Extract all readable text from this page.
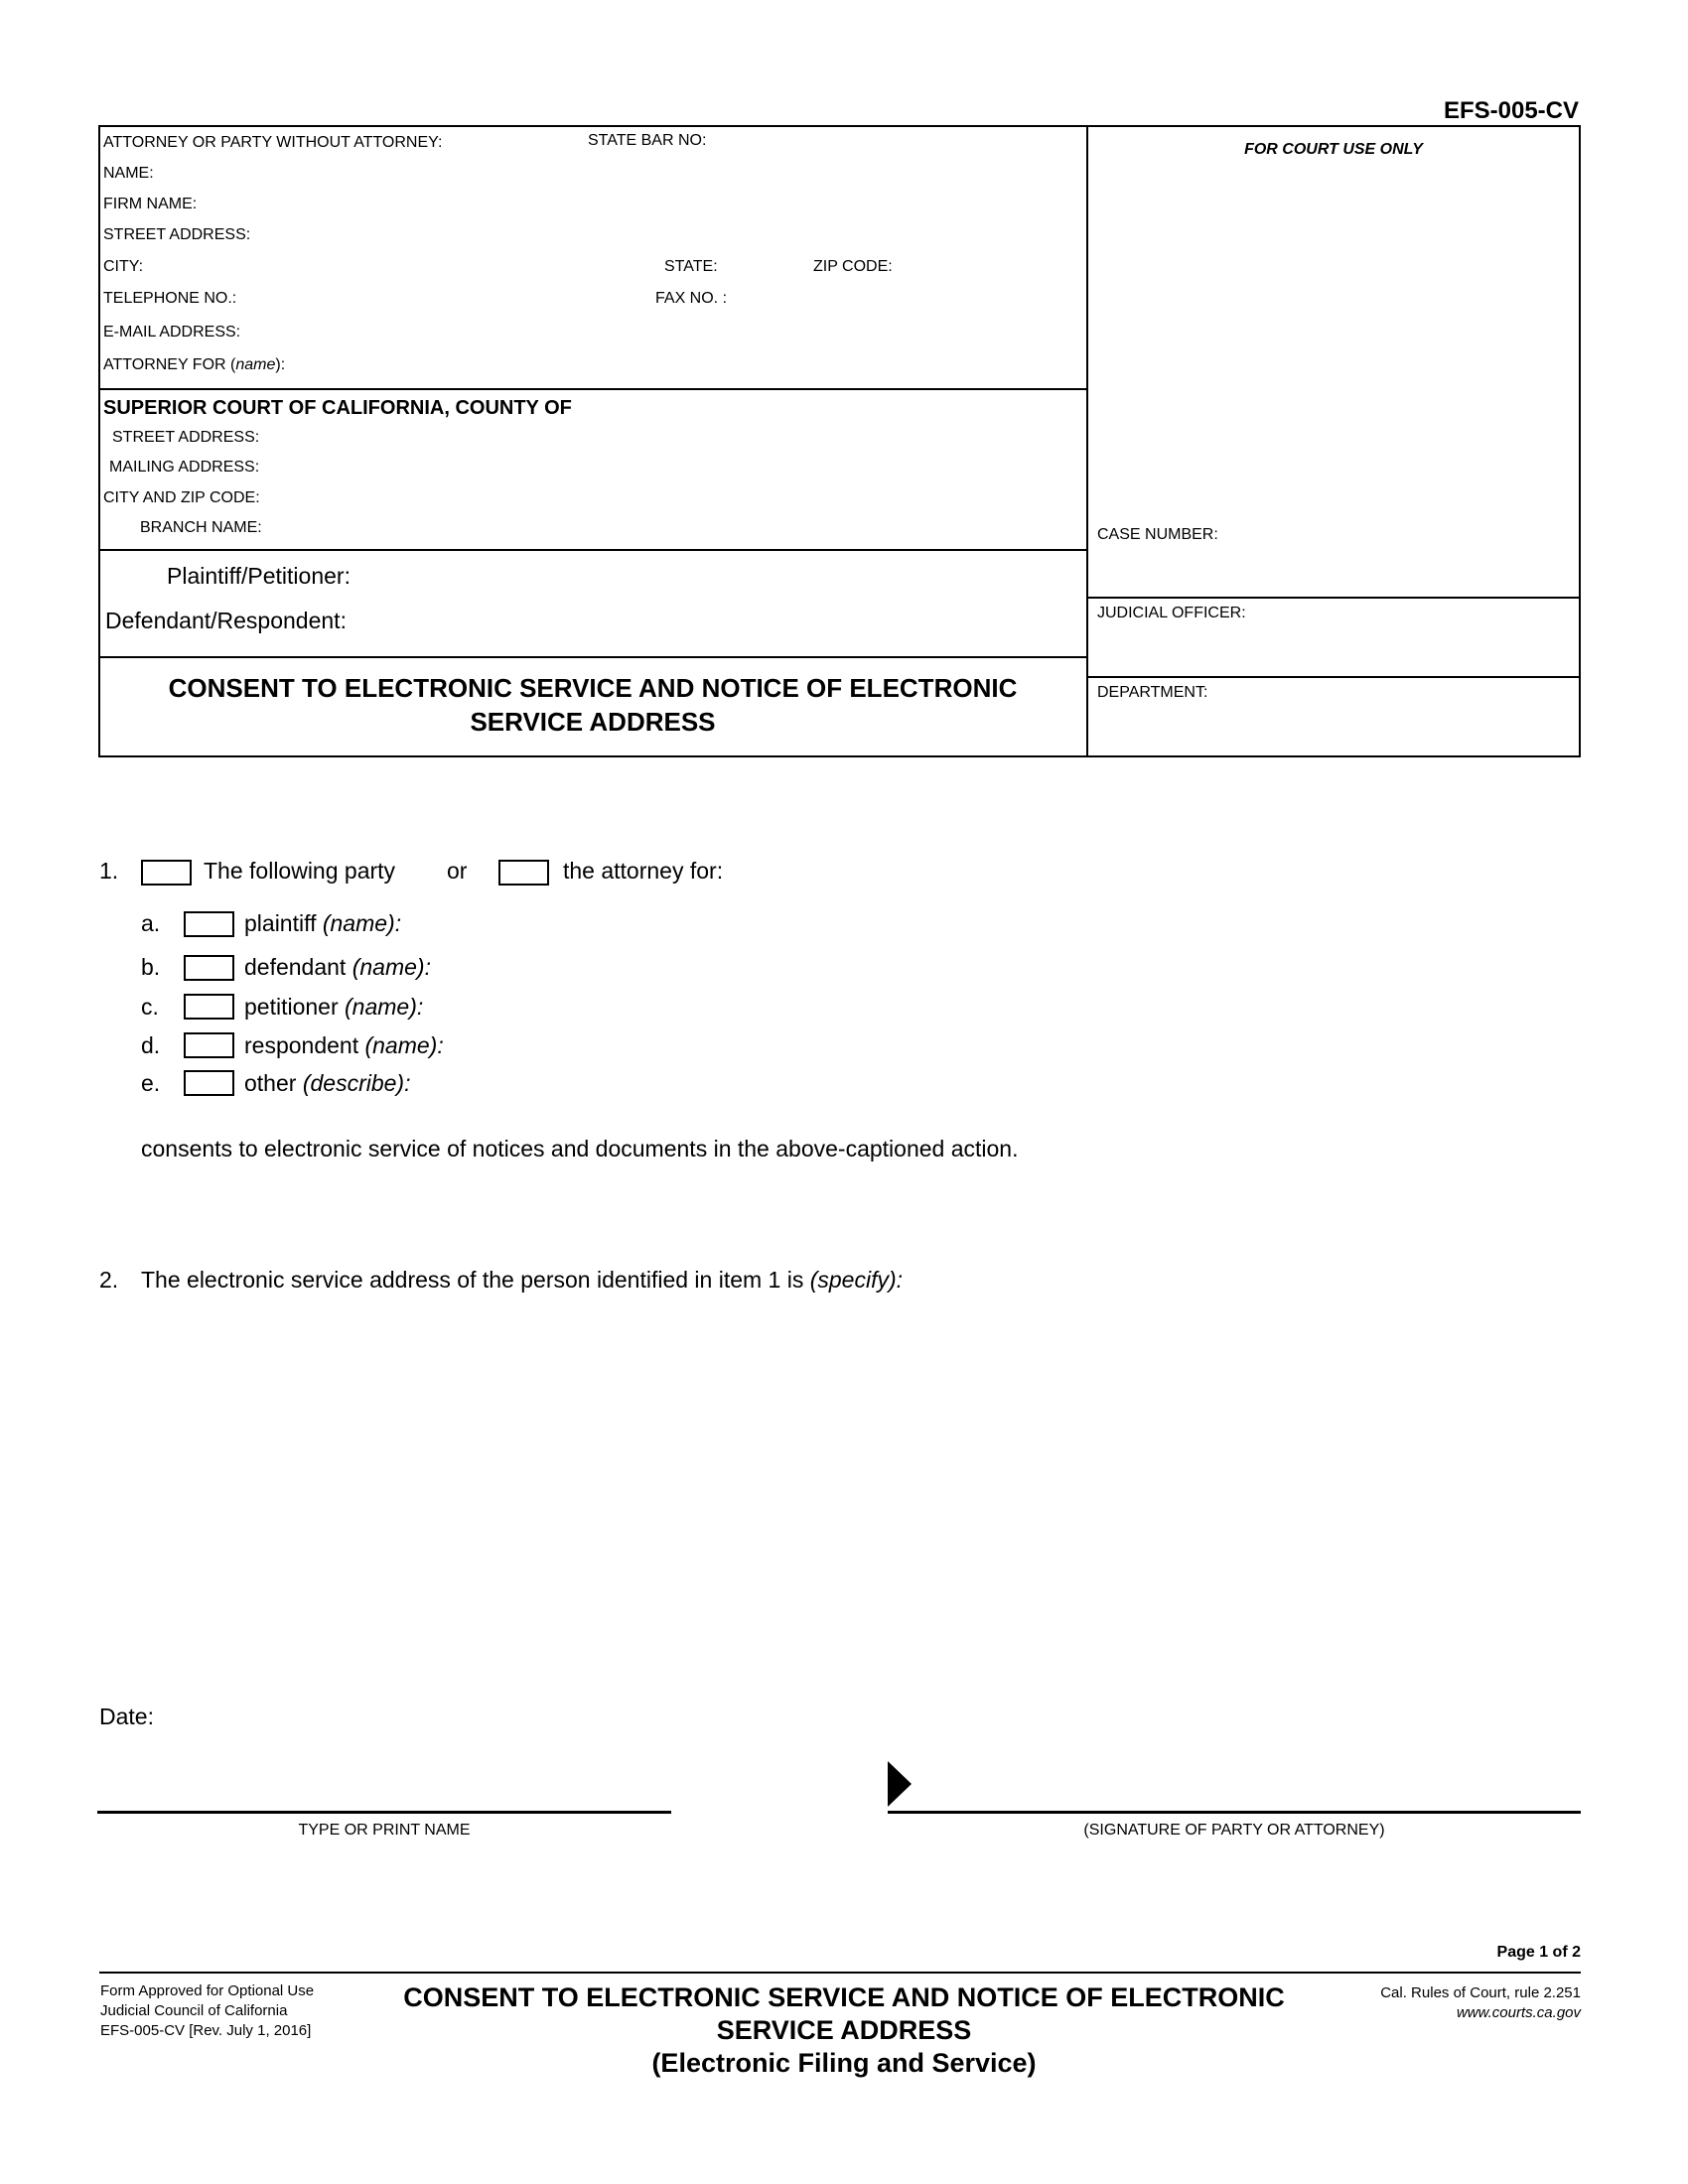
EFS-005-CV
ATTORNEY OR PARTY WITHOUT ATTORNEY:	STATE BAR NO:
NAME:
FIRM NAME:
STREET ADDRESS:
CITY:	STATE:	ZIP CODE:
TELEPHONE NO.:	FAX NO. :
E-MAIL ADDRESS:
ATTORNEY FOR (name):
FOR COURT USE ONLY
SUPERIOR COURT OF CALIFORNIA, COUNTY OF
STREET ADDRESS:
MAILING ADDRESS:
CITY AND ZIP CODE:
BRANCH NAME:	CASE NUMBER:
JUDICIAL OFFICER:
DEPARTMENT:
Plaintiff/Petitioner:
Defendant/Respondent:
CONSENT TO ELECTRONIC SERVICE AND NOTICE OF ELECTRONIC
SERVICE ADDRESS
1.	The following party or	the attorney for:
a.	plaintiff (name):
b.	defendant (name):
c.	petitioner (name):
d.	respondent (name):
e.	other (describe):
consents to electronic service of notices and documents in the above-captioned action.
2. The electronic service address of the person identified in item 1 is (specify):
Date:
TYPE OR PRINT NAME	(SIGNATURE OF PARTY OR ATTORNEY)
Page 1 of 2
Form Approved for Optional Use
Judicial Council of California
EFS-005-CV [Rev. July 1, 2016]
CONSENT TO ELECTRONIC SERVICE AND NOTICE OF ELECTRONIC
SERVICE ADDRESS
(Electronic Filing and Service)
Cal. Rules of Court, rule 2.251
www.courts.ca.gov
